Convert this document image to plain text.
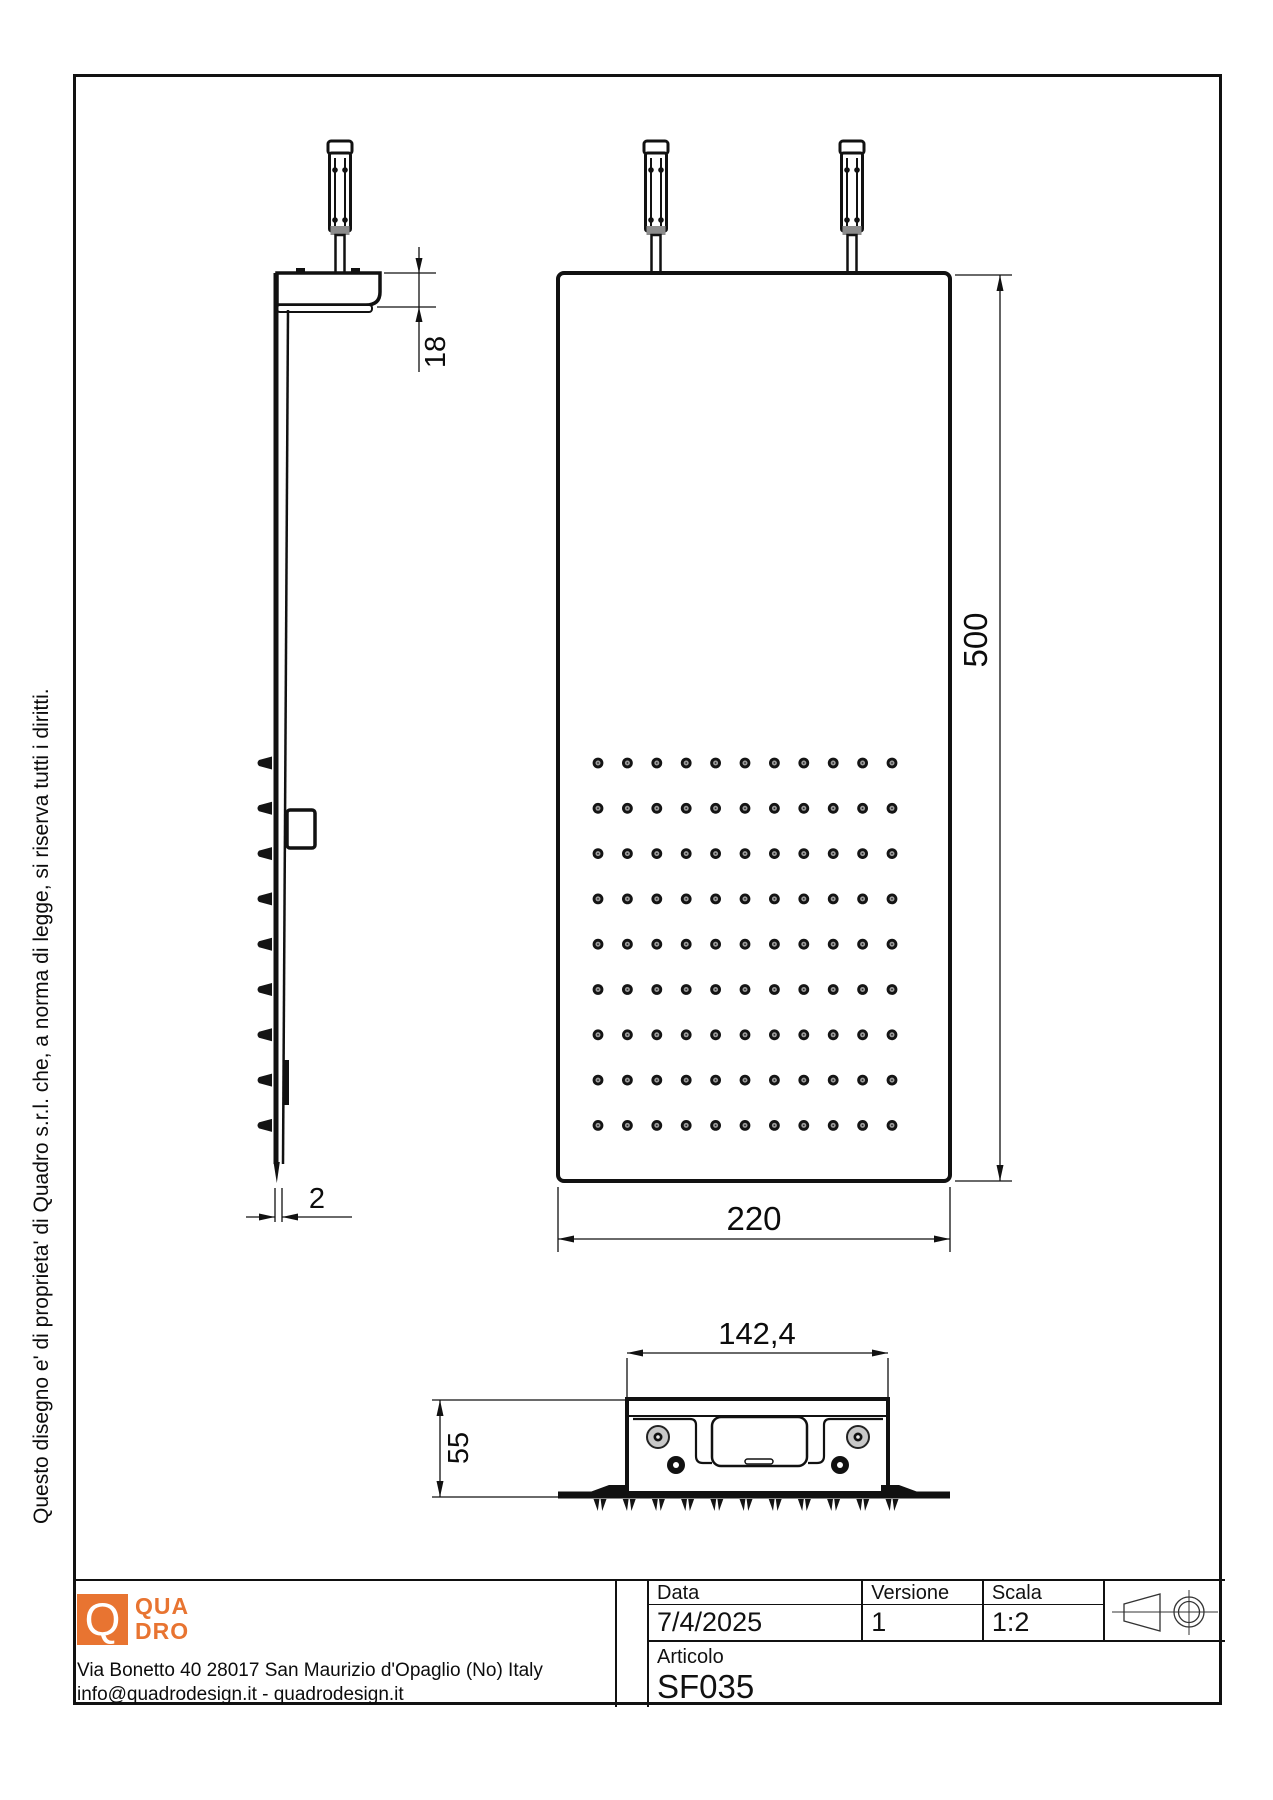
Questo disegno e' di proprieta' di Quadro s.r.l. che, a norma di legge, si riserva tutti i diritti.
500
220
18
2
142,4
55
Q QUA
DRO
Via Bonetto 40 28017 San Maurizio d'Opaglio (No) Italy
info@quadrodesign.it - quadrodesign.it
Data
7/4/2025
Versione
1
Scala
1:2
Articolo
SF035
